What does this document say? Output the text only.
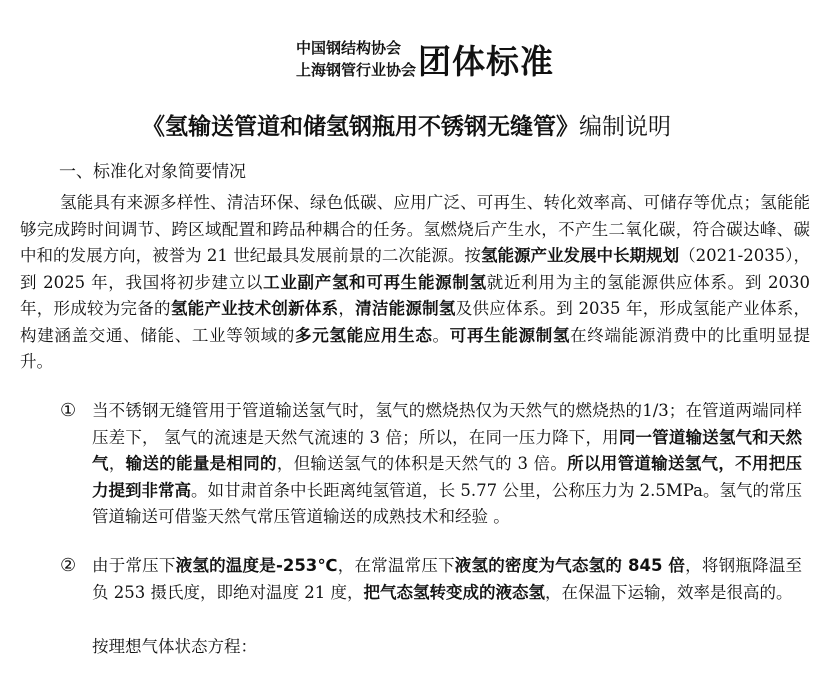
中国钢结构协会
上海钢管行业协会 团体标准
《氢输送管道和储氢钢瓶用不锈钢无缝管》编制说明
一、标准化对象简要情况
氢能具有来源多样性、清洁环保、绿色低碳、应用广泛、可再生、转化效率高、可储存等优点；氢能能够完成跨时间调节、跨区域配置和跨品种耦合的任务。氢燃烧后产生水，不产生二氧化碳，符合碳达峰、碳中和的发展方向，被誉为 21 世纪最具发展前景的二次能源。按氢能源产业发展中长期规划（2021-2035），到 2025 年，我国将初步建立以工业副产氢和可再生能源制氢就近利用为主的氢能源供应体系。到 2030 年，形成较为完备的氢能产业技术创新体系，清洁能源制氢及供应体系。到 2035 年，形成氢能产业体系，构建涵盖交通、储能、工业等领域的多元氢能应用生态。可再生能源制氢在终端能源消费中的比重明显提升。
① 当不锈钢无缝管用于管道输送氢气时，氢气的燃烧热仅为天然气的燃烧热的1/3；在管道两端同样压差下， 氢气的流速是天然气流速的 3 倍；所以，在同一压力降下，用同一管道输送氢气和天然气，输送的能量是相同的，但输送氢气的体积是天然气的 3 倍。所以用管道输送氢气，不用把压力提到非常高。如甘肃首条中长距离纯氢管道，长 5.77 公里，公称压力为 2.5MPa。氢气的常压管道输送可借鉴天然气常压管道输送的成熟技术和经验 。
② 由于常压下液氢的温度是-253℃，在常温常压下液氢的密度为气态氢的 845 倍，将钢瓶降温至负 253 摄氏度，即绝对温度 21 度，把气态氢转变成的液态氢，在保温下运输，效率是很高的。
按理想气体状态方程：
